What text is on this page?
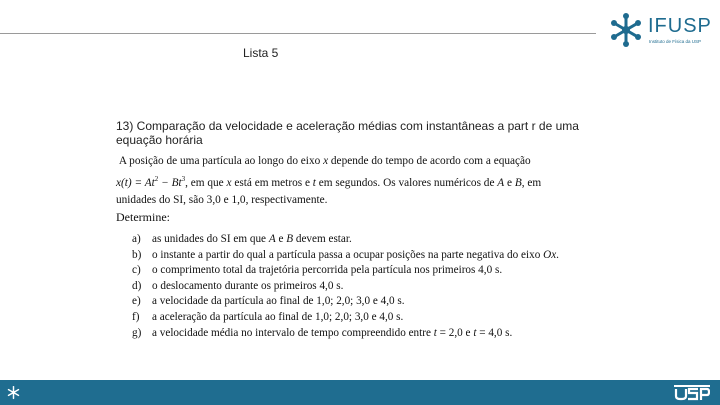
IFUSP
Instituto de Física da USP
Lista 5
13) Comparação da velocidade e aceleração médias com instantâneas a part r de uma equação horária
A posição de uma partícula ao longo do eixo x depende do tempo de acordo com a equação
$x(t) = At^2 - Bt^3$, em que x está em metros e t em segundos. Os valores numéricos de A e B, em
unidades do SI, são 3,0 e 1,0, respectivamente.
Determine:
a) as unidades do SI em que A e B devem estar.
b) o instante a partir do qual a partícula passa a ocupar posições na parte negativa do eixo Ox.
c) o comprimento total da trajetória percorrida pela partícula nos primeiros 4,0 s.
d) o deslocamento durante os primeiros 4,0 s.
e) a velocidade da partícula ao final de 1,0; 2,0; 3,0 e 4,0 s.
f) a aceleração da partícula ao final de 1,0; 2,0; 3,0 e 4,0 s.
g) a velocidade média no intervalo de tempo compreendido entre t = 2,0 e t = 4,0 s.
